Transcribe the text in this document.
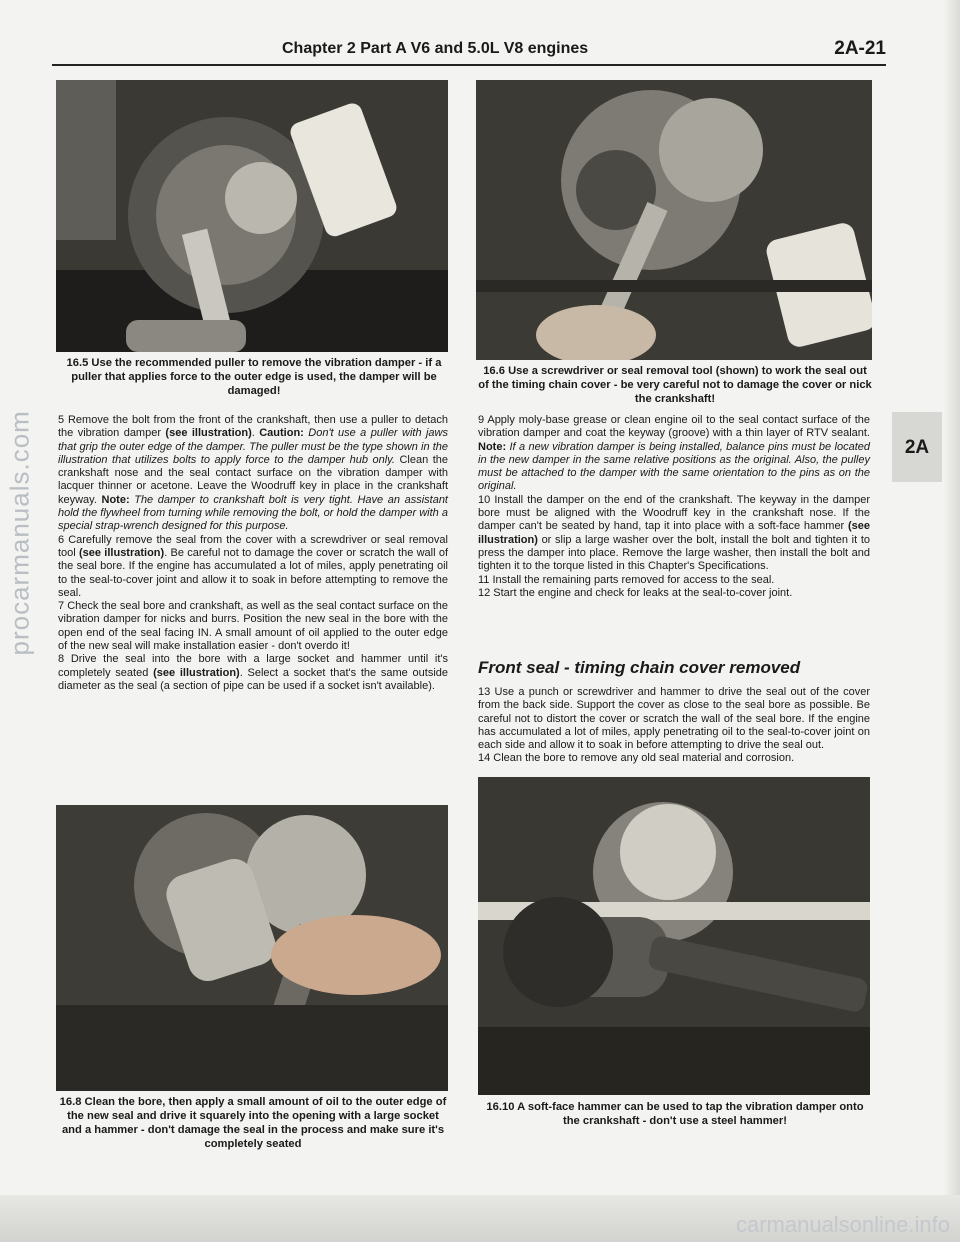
Chapter 2 Part A V6 and 5.0L V8 engines	2A-21
16.5 Use the recommended puller to remove the vibration damper - if a puller that applies force to the outer edge is used, the damper will be damaged!
16.6 Use a screwdriver or seal removal tool (shown) to work the seal out of the timing chain cover - be very careful not to damage the cover or nick the crankshaft!

5 Remove the bolt from the front of the crankshaft, then use a puller to detach the vibration damper (see illustration). Caution: Don't use a puller with jaws that grip the outer edge of the damper. The puller must be the type shown in the illustration that utilizes bolts to apply force to the damper hub only. Clean the crankshaft nose and the seal contact surface on the vibration damper with lacquer thinner or acetone. Leave the Woodruff key in place in the crankshaft keyway. Note: The damper to crankshaft bolt is very tight. Have an assistant hold the flywheel from turning while removing the bolt, or hold the damper with a special strap-wrench designed for this purpose.

6 Carefully remove the seal from the cover with a screwdriver or seal removal tool (see illustration). Be careful not to damage the cover or scratch the wall of the seal bore. If the engine has accumulated a lot of miles, apply penetrating oil to the seal-to-cover joint and allow it to soak in before attempting to remove the seal.

7 Check the seal bore and crankshaft, as well as the seal contact surface on the vibration damper for nicks and burrs. Position the new seal in the bore with the open end of the seal facing IN. A small amount of oil applied to the outer edge of the new seal will make installation easier - don't overdo it!

8 Drive the seal into the bore with a large socket and hammer until it's completely seated (see illustration). Select a socket that's the same outside diameter as the seal (a section of pipe can be used if a socket isn't available).

9 Apply moly-base grease or clean engine oil to the seal contact surface of the vibration damper and coat the keyway (groove) with a thin layer of RTV sealant. Note: If a new vibration damper is being installed, balance pins must be located in the new damper in the same relative positions as the original. Also, the pulley must be attached to the damper with the same orientation to the pins as on the original.

10 Install the damper on the end of the crankshaft. The keyway in the damper bore must be aligned with the Woodruff key in the crankshaft nose. If the damper can't be seated by hand, tap it into place with a soft-face hammer (see illustration) or slip a large washer over the bolt, install the bolt and tighten it to press the damper into place. Remove the large washer, then install the bolt and tighten it to the torque listed in this Chapter's Specifications.

11 Install the remaining parts removed for access to the seal.

12 Start the engine and check for leaks at the seal-to-cover joint.

Front seal - timing chain cover removed

13 Use a punch or screwdriver and hammer to drive the seal out of the cover from the back side. Support the cover as close to the seal bore as possible. Be careful not to distort the cover or scratch the wall of the seal bore. If the engine has accumulated a lot of miles, apply penetrating oil to the seal-to-cover joint on each side and allow it to soak in before attempting to drive the seal out.

14 Clean the bore to remove any old seal material and corrosion.

16.8 Clean the bore, then apply a small amount of oil to the outer edge of the new seal and drive it squarely into the opening with a large socket and a hammer - don't damage the seal in the process and make sure it's completely seated
16.10 A soft-face hammer can be used to tap the vibration damper onto the crankshaft - don't use a steel hammer!
2A
procarmanuals.com
carmanualsonline.info
